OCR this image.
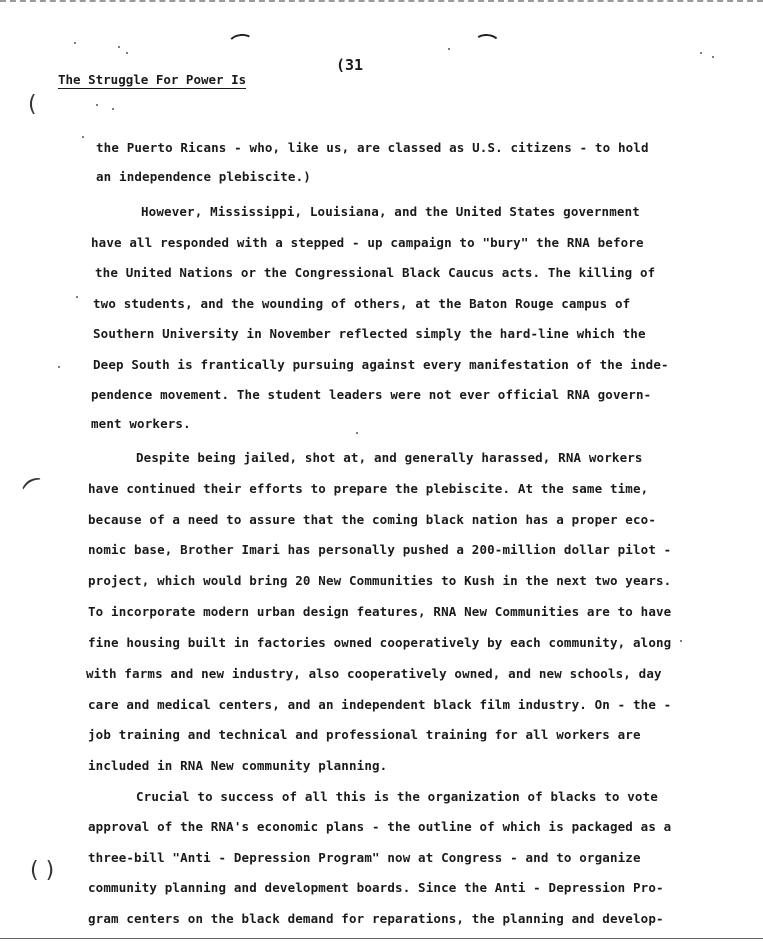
(
(
( )
(31
The Struggle For Power Is
the Puerto Ricans - who, like us, are classed as U.S. citizens - to hold
an independence plebiscite.)
However, Mississippi, Louisiana, and the United States government
have all responded with a stepped - up campaign to "bury" the RNA before
the United Nations or the Congressional Black Caucus acts. The killing of
two students, and the wounding of others, at the Baton Rouge campus of
Southern University in November reflected simply the hard-line which the
Deep South is frantically pursuing against every manifestation of the inde-
pendence movement. The student leaders were not ever official RNA govern-
ment workers.
Despite being jailed, shot at, and generally harassed, RNA workers
have continued their efforts to prepare the plebiscite. At the same time,
because of a need to assure that the coming black nation has a proper eco-
nomic base, Brother Imari has personally pushed a 200-million dollar pilot -
project, which would bring 20 New Communities to Kush in the next two years.
To incorporate modern urban design features, RNA New Communities are to have
fine housing built in factories owned cooperatively by each community, along
with farms and new industry, also cooperatively owned, and new schools, day
care and medical centers, and an independent black film industry. On - the -
job training and technical and professional training for all workers are
included in RNA New community planning.
Crucial to success of all this is the organization of blacks to vote
approval of the RNA's economic plans - the outline of which is packaged as a
three-bill "Anti - Depression Program" now at Congress - and to organize
community planning and development boards. Since the Anti - Depression Pro-
gram centers on the black demand for reparations, the planning and develop-
